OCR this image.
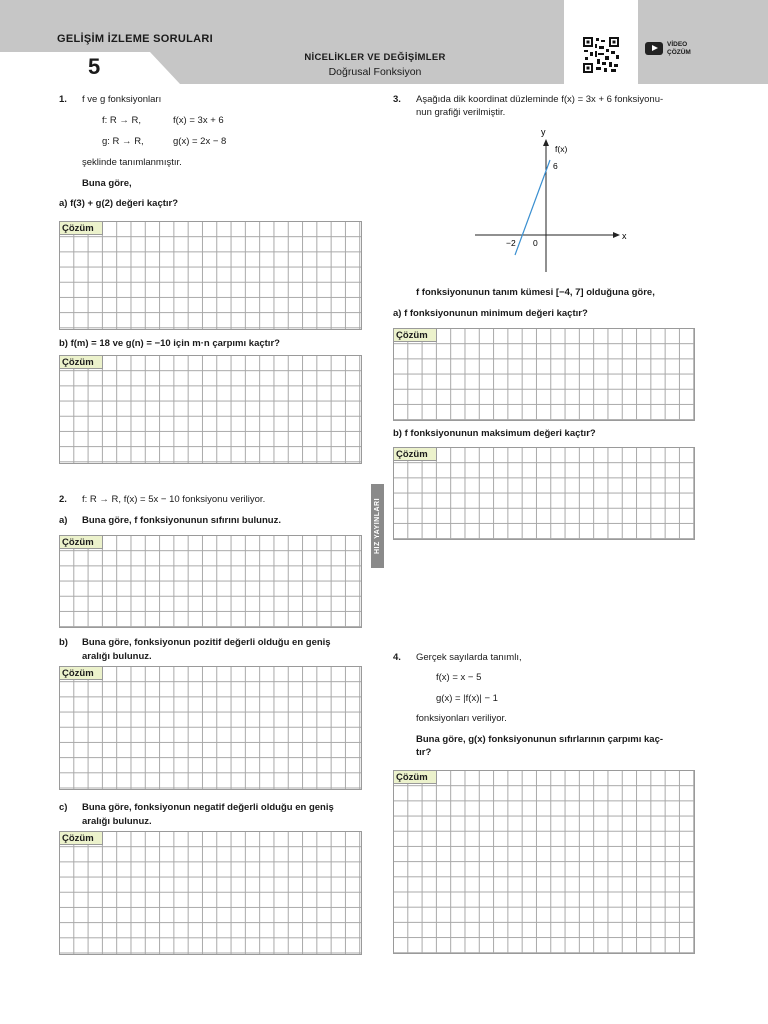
GELİŞİM İZLEME SORULARI
5	NİCELİKLER VE DEĞİŞİMLER
Doğrusal Fonksiyon
VİDEO
ÇÖZÜM
1. f ve g fonksiyonları
f: R → R,	f(x) = 3x + 6
g: R → R,	g(x) = 2x − 8
şeklinde tanımlanmıştır.
Buna göre,
a) f(3) + g(2) değeri kaçtır?
Çözüm
b) f(m) = 18 ve g(n) = −10 için m·n çarpımı kaçtır?
Çözüm
2. f: R → R, f(x) = 5x − 10 fonksiyonu veriliyor.
a) Buna göre, f fonksiyonunun sıfırını bulunuz.
Çözüm
b) Buna göre, fonksiyonun pozitif değerli olduğu en geniş
aralığı bulunuz.
Çözüm
c) Buna göre, fonksiyonun negatif değerli olduğu en geniş
aralığı bulunuz.
Çözüm
HIZ YAYINLARI
3. Aşağıda dik koordinat düzleminde f(x) = 3x + 6 fonksiyonu-
nun grafiği verilmiştir.
y
x
f(x)
6
−2 0
f fonksiyonunun tanım kümesi [−4, 7] olduğuna göre,
a) f fonksiyonunun minimum değeri kaçtır?
Çözüm
b) f fonksiyonunun maksimum değeri kaçtır?
Çözüm
4. Gerçek sayılarda tanımlı,
f(x) = x − 5
g(x) = |f(x)| − 1
fonksiyonları veriliyor.
Buna göre, g(x) fonksiyonunun sıfırlarının çarpımı kaç-
tır?
Çözüm
